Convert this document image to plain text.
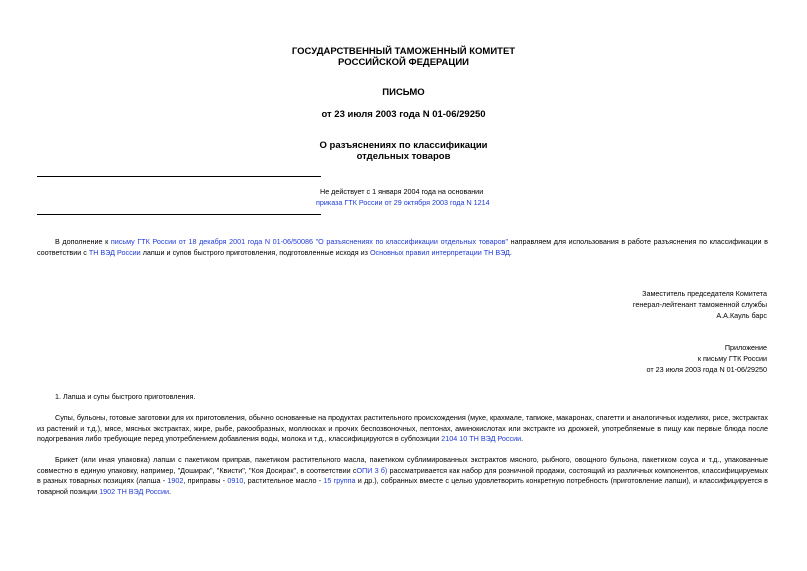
ГОСУДАРСТВЕННЫЙ ТАМОЖЕННЫЙ КОМИТЕТ
РОССИЙСКОЙ ФЕДЕРАЦИИ
ПИСЬМО
от 23 июля 2003 года N 01-06/29250
О разъяснениях по классификации
отдельных товаров
Не действует с 1 января 2004 года на основании
приказа ГТК России от 29 октября 2003 года N 1214
В дополнение к письму ГТК России от 18 декабря 2001 года N 01-06/50086 "О разъяснениях по классификации отдельных товаров" направляем для использования в работе разъяснения по классификации в соответствии с ТН ВЭД России лапши и супов быстрого приготовления, подготовленные исходя из Основных правил интерпретации ТН ВЭД.
Заместитель председателя Комитета
генерал-лейтенант таможенной службы
А.А.Кауль барс
Приложение
к письму ГТК России
от 23 июля 2003 года N 01-06/29250
1. Лапша и супы быстрого приготовления.
Супы, бульоны, готовые заготовки для их приготовления, обычно основанные на продуктах растительного происхождения (муке, крахмале, тапиоке, макаронах, спагетти и аналогичных изделиях, рисе, экстрактах из растений и т.д.), мясе, мясных экстрактах, жире, рыбе, ракообразных, моллюсках и прочих беспозвоночных, пептонах, аминокислотах или экстракте из дрожжей, употребляемые в пищу как первые блюда после подогревания либо требующие перед употреблением добавления воды, молока и т.д., классифицируются в субпозиции 2104 10 ТН ВЭД России.
Брикет (или иная упаковка) лапши с пакетиком приправ, пакетиком растительного масла, пакетиком сублимированных экстрактов мясного, рыбного, овощного бульона, пакетиком соуса и т.д., упакованные совместно в единую упаковку, например, "Доширак", "Квисти", "Коя Досирак", в соответствии сОПИ 3 б) рассматривается как набор для розничной продажи, состоящий из различных компонентов, классифицируемых в разных товарных позициях (лапша - 1902, приправы - 0910, растительное масло - 15 группа и др.), собранных вместе с целью удовлетворить конкретную потребность (приготовление лапши), и классифицируется в товарной позиции 1902 ТН ВЭД России.
